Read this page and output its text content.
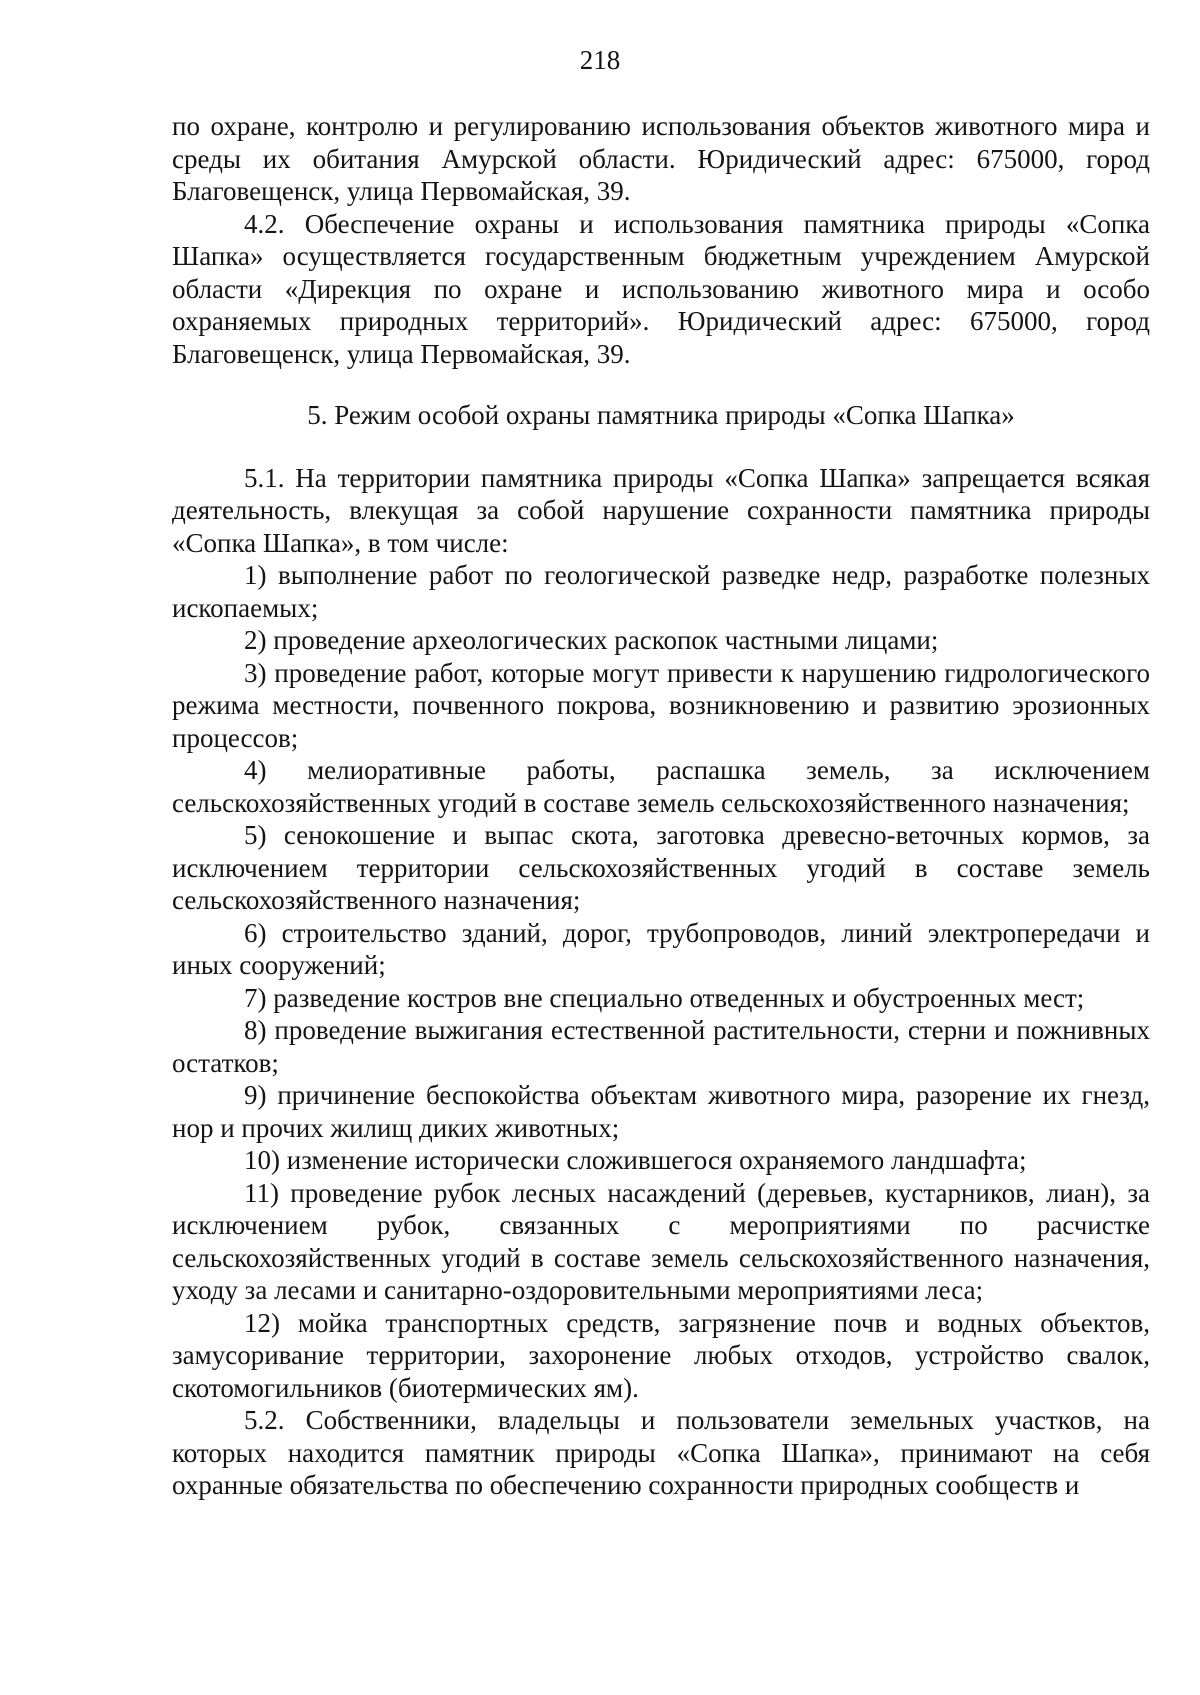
218

по охране, контролю и регулированию использования объектов животного мира и среды их обитания Амурской области. Юридический адрес: 675000, город Благовещенск, улица Первомайская, 39.

4.2. Обеспечение охраны и использования памятника природы «Сопка Шапка» осуществляется государственным бюджетным учреждением Амурской области «Дирекция по охране и использованию животного мира и особо охраняемых природных территорий». Юридический адрес: 675000, город Благовещенск, улица Первомайская, 39.

5. Режим особой охраны памятника природы «Сопка Шапка»

5.1. На территории памятника природы «Сопка Шапка» запрещается всякая деятельность, влекущая за собой нарушение сохранности памятника природы «Сопка Шапка», в том числе:

1) выполнение работ по геологической разведке недр, разработке полезных ископаемых;

2) проведение археологических раскопок частными лицами;

3) проведение работ, которые могут привести к нарушению гидрологического режима местности, почвенного покрова, возникновению и развитию эрозионных процессов;

4) мелиоративные работы, распашка земель, за исключением сельскохозяйственных угодий в составе земель сельскохозяйственного назначения;

5) сенокошение и выпас скота, заготовка древесно-веточных кормов, за исключением территории сельскохозяйственных угодий в составе земель сельскохозяйственного назначения;

6) строительство зданий, дорог, трубопроводов, линий электропередачи и иных сооружений;

7) разведение костров вне специально отведенных и обустроенных мест;

8) проведение выжигания естественной растительности, стерни и пожнивных остатков;

9) причинение беспокойства объектам животного мира, разорение их гнезд, нор и прочих жилищ диких животных;

10) изменение исторически сложившегося охраняемого ландшафта;

11) проведение рубок лесных насаждений (деревьев, кустарников, лиан), за исключением рубок, связанных с мероприятиями по расчистке сельскохозяйственных угодий в составе земель сельскохозяйственного назначения, уходу за лесами и санитарно-оздоровительными мероприятиями леса;

12) мойка транспортных средств, загрязнение почв и водных объектов, замусоривание территории, захоронение любых отходов, устройство свалок, скотомогильников (биотермических ям).

5.2. Собственники, владельцы и пользователи земельных участков, на которых находится памятник природы «Сопка Шапка», принимают на себя охранные обязательства по обеспечению сохранности природных сообществ и
